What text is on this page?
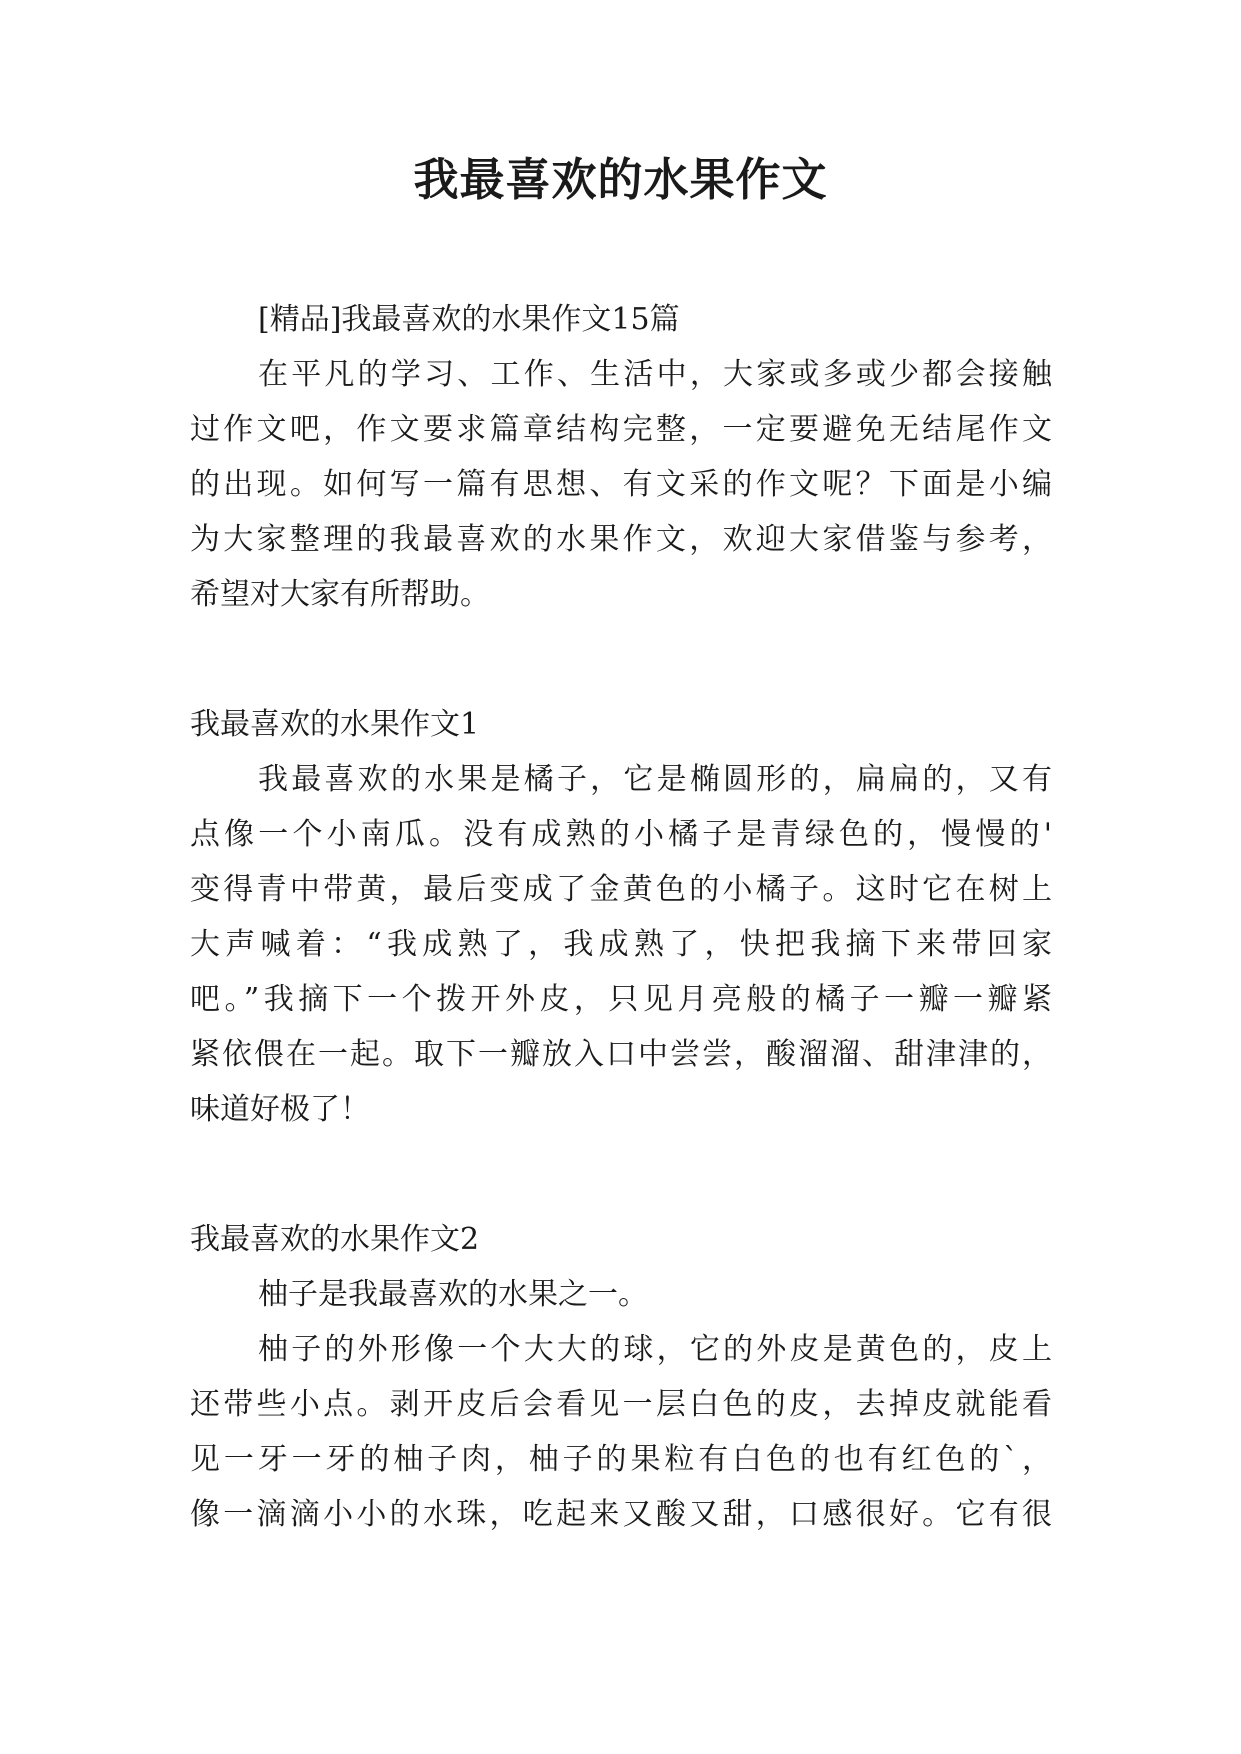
我最喜欢的水果作文

[精品]我最喜欢的水果作文15篇

在平凡的学习、工作、生活中，大家或多或少都会接触

过作文吧，作文要求篇章结构完整，一定要避免无结尾作文

的出现。如何写一篇有思想、有文采的作文呢？下面是小编

为大家整理的我最喜欢的水果作文，欢迎大家借鉴与参考，

希望对大家有所帮助。

我最喜欢的水果作文1

我最喜欢的水果是橘子，它是椭圆形的，扁扁的，又有

点像一个小南瓜。没有成熟的小橘子是青绿色的，慢慢的'

变得青中带黄，最后变成了金黄色的小橘子。这时它在树上

大声喊着：“我成熟了，我成熟了，快把我摘下来带回家

吧。”我摘下一个拨开外皮，只见月亮般的橘子一瓣一瓣紧

紧依偎在一起。取下一瓣放入口中尝尝，酸溜溜、甜津津的，

味道好极了！

我最喜欢的水果作文2

柚子是我最喜欢的水果之一。

柚子的外形像一个大大的球，它的外皮是黄色的，皮上

还带些小点。剥开皮后会看见一层白色的皮，去掉皮就能看

见一牙一牙的柚子肉，柚子的果粒有白色的也有红色的`，

像一滴滴小小的水珠，吃起来又酸又甜，口感很好。它有很
